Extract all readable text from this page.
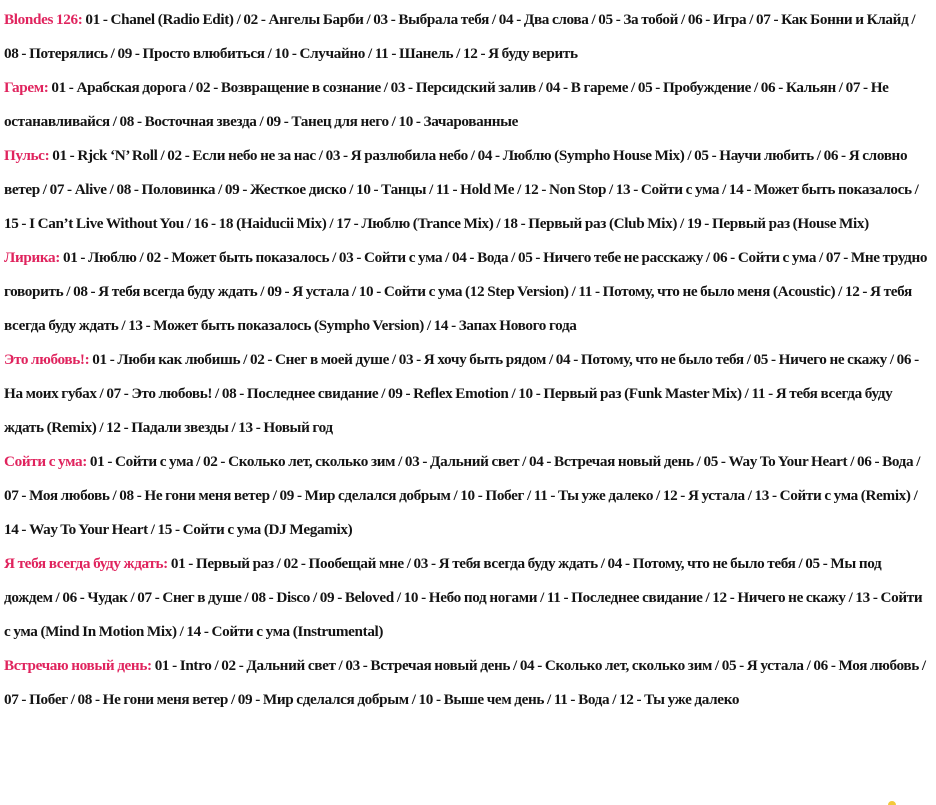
Blondes 126: 01 - Chanel (Radio Edit) / 02 - Ангелы Барби / 03 - Выбрала тебя / 04 - Два слова / 05 - За тобой / 06 - Игра / 07 - Как Бонни и Клайд / 08 - Потерялись / 09 - Просто влюбиться / 10 - Случайно / 11 - Шанель / 12 - Я буду верить

Гарем: 01 - Арабская дорога / 02 - Возвращение в сознание / 03 - Персидский залив / 04 - В гареме / 05 - Пробуждение / 06 - Кальян / 07 - Не останавливайся / 08 - Восточная звезда / 09 - Танец для него / 10 - Зачарованные

Пульс: 01 - Rjck ‘N’ Roll / 02 - Если небо не за нас / 03 - Я разлюбила небо / 04 - Люблю (Sympho House Mix) / 05 - Научи любить / 06 - Я словно ветер / 07 - Alive / 08 - Половинка / 09 - Жесткое диско / 10 - Танцы / 11 - Hold Me / 12 - Non Stop / 13 - Сойти с ума / 14 - Может быть показалось / 15 - I Can’t Live Without You / 16 - 18 (Haiducii Mix) / 17 - Люблю (Trance Mix) / 18 - Первый раз (Club Mix) / 19 - Первый раз (House Mix)

Лирика: 01 - Люблю / 02 - Может быть показалось / 03 - Сойти с ума / 04 - Вода / 05 - Ничего тебе не расскажу / 06 - Сойти с ума / 07 - Мне трудно говорить / 08 - Я тебя всегда буду ждать / 09 - Я устала / 10 - Сойти с ума (12 Step Version) / 11 - Потому, что не было меня (Acoustic) / 12 - Я тебя всегда буду ждать / 13 - Может быть показалось (Sympho Version) / 14 - Запах Нового года

Это любовь!: 01 - Люби как любишь / 02 - Снег в моей душе / 03 - Я хочу быть рядом / 04 - Потому, что не было тебя / 05 - Ничего не скажу / 06 - На моих губах / 07 - Это любовь! / 08 - Последнее свидание / 09 - Reflex Emotion / 10 - Первый раз (Funk Master Mix) / 11 - Я тебя всегда буду ждать (Remix) / 12 - Падали звезды / 13 - Новый год

Сойти с ума: 01 - Сойти с ума / 02 - Сколько лет, сколько зим / 03 - Дальний свет / 04 - Встречая новый день / 05 - Way To Your Heart / 06 - Вода / 07 - Моя любовь / 08 - Не гони меня ветер / 09 - Мир сделался добрым / 10 - Побег / 11 - Ты уже далеко / 12 - Я устала / 13 - Сойти с ума (Remix) / 14 - Way To Your Heart / 15 - Сойти с ума (DJ Megamix)

Я тебя всегда буду ждать: 01 - Первый раз / 02 - Пообещай мне / 03 - Я тебя всегда буду ждать / 04 - Потому, что не было тебя / 05 - Мы под дождем / 06 - Чудак / 07 - Снег в душе / 08 - Disco / 09 - Beloved / 10 - Небо под ногами / 11 - Последнее свидание / 12 - Ничего не скажу / 13 - Сойти с ума (Mind In Motion Mix) / 14 - Сойти с ума (Instrumental)

Встречаю новый день: 01 - Intro / 02 - Дальний свет / 03 - Встречая новый день / 04 - Сколько лет, сколько зим / 05 - Я устала / 06 - Моя любовь / 07 - Побег / 08 - Не гони меня ветер / 09 - Мир сделался добрым / 10 - Выше чем день / 11 - Вода / 12 - Ты уже далеко
